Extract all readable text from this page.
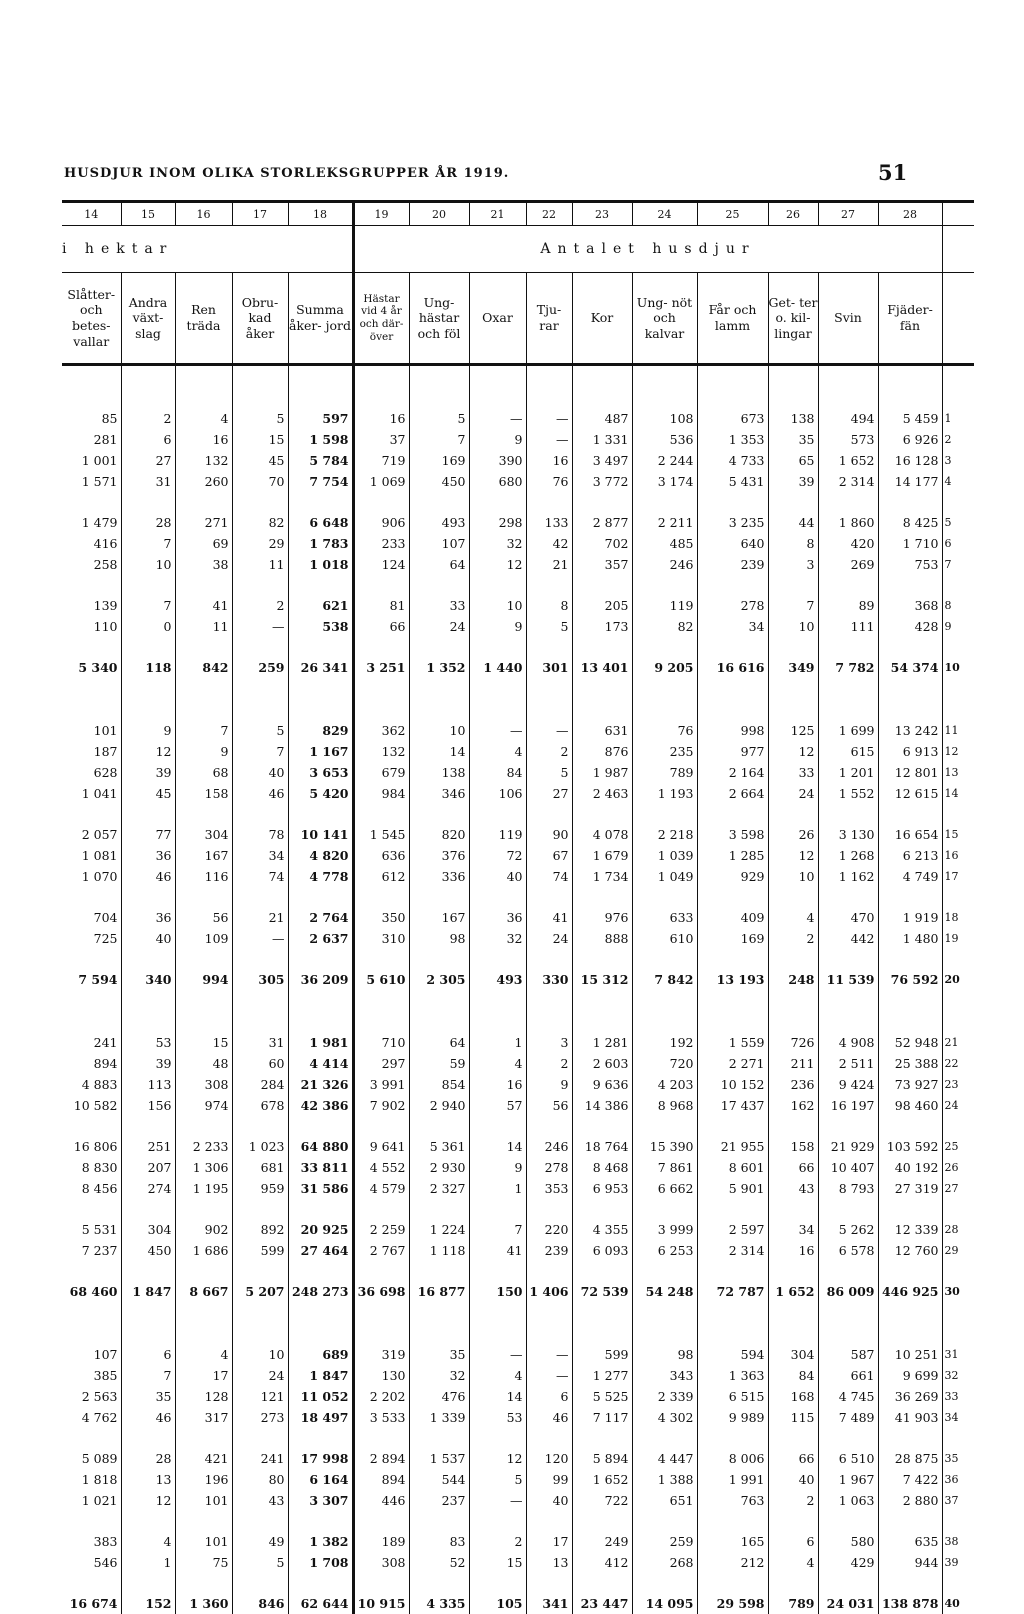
HUSDJUR INOM OLIKA STORLEKSGRUPPER ÅR 1919.	51
14	15	16	17	18	19	20	21	22	23	24	25	26	27	28	
i hektar					Antalet husdjur										
Slåtter- och betes- vallar	Andra växt- slag	Ren träda	Obru- kad åker	Summa åker- jord	Hästar vid 4 år och där- över	Ung- hästar och föl	Oxar	Tju- rar	Kor	Ung- nöt och kalvar	Får och lamm	Get- ter o. kil- lingar	Svin	Fjäder- fän	

85	2	4	5	597	16	5	—	—	487	108	673	138	494	5 459	1
281	6	16	15	1 598	37	7	9	—	1 331	536	1 353	35	573	6 926	2
1 001	27	132	45	5 784	719	169	390	16	3 497	2 244	4 733	65	1 652	16 128	3
1 571	31	260	70	7 754	1 069	450	680	76	3 772	3 174	5 431	39	2 314	14 177	4

1 479	28	271	82	6 648	906	493	298	133	2 877	2 211	3 235	44	1 860	8 425	5
416	7	69	29	1 783	233	107	32	42	702	485	640	8	420	1 710	6
258	10	38	11	1 018	124	64	12	21	357	246	239	3	269	753	7

139	7	41	2	621	81	33	10	8	205	119	278	7	89	368	8
110	0	11	—	538	66	24	9	5	173	82	34	10	111	428	9

5 340	118	842	259	26 341	3 251	1 352	1 440	301	13 401	9 205	16 616	349	7 782	54 374	10

101	9	7	5	829	362	10	—	—	631	76	998	125	1 699	13 242	11
187	12	9	7	1 167	132	14	4	2	876	235	977	12	615	6 913	12
628	39	68	40	3 653	679	138	84	5	1 987	789	2 164	33	1 201	12 801	13
1 041	45	158	46	5 420	984	346	106	27	2 463	1 193	2 664	24	1 552	12 615	14

2 057	77	304	78	10 141	1 545	820	119	90	4 078	2 218	3 598	26	3 130	16 654	15
1 081	36	167	34	4 820	636	376	72	67	1 679	1 039	1 285	12	1 268	6 213	16
1 070	46	116	74	4 778	612	336	40	74	1 734	1 049	929	10	1 162	4 749	17

704	36	56	21	2 764	350	167	36	41	976	633	409	4	470	1 919	18
725	40	109	—	2 637	310	98	32	24	888	610	169	2	442	1 480	19

7 594	340	994	305	36 209	5 610	2 305	493	330	15 312	7 842	13 193	248	11 539	76 592	20

241	53	15	31	1 981	710	64	1	3	1 281	192	1 559	726	4 908	52 948	21
894	39	48	60	4 414	297	59	4	2	2 603	720	2 271	211	2 511	25 388	22
4 883	113	308	284	21 326	3 991	854	16	9	9 636	4 203	10 152	236	9 424	73 927	23
10 582	156	974	678	42 386	7 902	2 940	57	56	14 386	8 968	17 437	162	16 197	98 460	24

16 806	251	2 233	1 023	64 880	9 641	5 361	14	246	18 764	15 390	21 955	158	21 929	103 592	25
8 830	207	1 306	681	33 811	4 552	2 930	9	278	8 468	7 861	8 601	66	10 407	40 192	26
8 456	274	1 195	959	31 586	4 579	2 327	1	353	6 953	6 662	5 901	43	8 793	27 319	27

5 531	304	902	892	20 925	2 259	1 224	7	220	4 355	3 999	2 597	34	5 262	12 339	28
7 237	450	1 686	599	27 464	2 767	1 118	41	239	6 093	6 253	2 314	16	6 578	12 760	29

68 460	1 847	8 667	5 207	248 273	36 698	16 877	150	1 406	72 539	54 248	72 787	1 652	86 009	446 925	30

107	6	4	10	689	319	35	—	—	599	98	594	304	587	10 251	31
385	7	17	24	1 847	130	32	4	—	1 277	343	1 363	84	661	9 699	32
2 563	35	128	121	11 052	2 202	476	14	6	5 525	2 339	6 515	168	4 745	36 269	33
4 762	46	317	273	18 497	3 533	1 339	53	46	7 117	4 302	9 989	115	7 489	41 903	34

5 089	28	421	241	17 998	2 894	1 537	12	120	5 894	4 447	8 006	66	6 510	28 875	35
1 818	13	196	80	6 164	894	544	5	99	1 652	1 388	1 991	40	1 967	7 422	36
1 021	12	101	43	3 307	446	237	—	40	722	651	763	2	1 063	2 880	37

383	4	101	49	1 382	189	83	2	17	249	259	165	6	580	635	38
546	1	75	5	1 708	308	52	15	13	412	268	212	4	429	944	39

16 674	152	1 360	846	62 644	10 915	4 335	105	341	23 447	14 095	29 598	789	24 031	138 878	40
